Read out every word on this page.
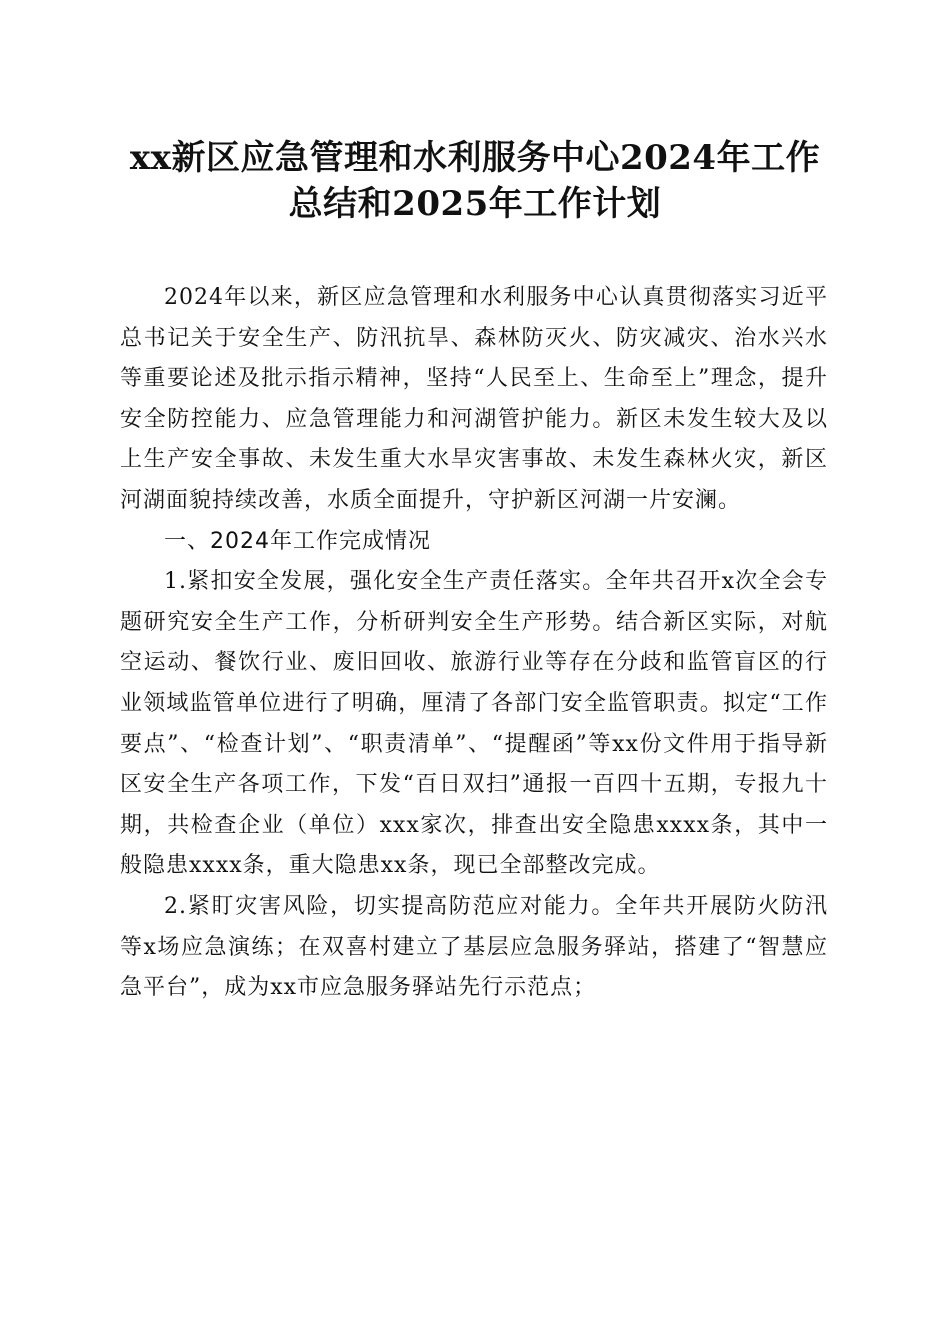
xx新区应急管理和水利服务中心2024年工作
总结和2025年工作计划

2024年以来，新区应急管理和水利服务中心认真贯彻落实习近平总书记关于安全生产、防汛抗旱、森林防灭火、防灾减灾、治水兴水等重要论述及批示指示精神，坚持“人民至上、生命至上”理念，提升安全防控能力、应急管理能力和河湖管护能力。新区未发生较大及以上生产安全事故、未发生重大水旱灾害事故、未发生森林火灾，新区河湖面貌持续改善，水质全面提升，守护新区河湖一片安澜。

一、2024年工作完成情况

1.紧扣安全发展，强化安全生产责任落实。全年共召开x次全会专题研究安全生产工作，分析研判安全生产形势。结合新区实际，对航空运动、餐饮行业、废旧回收、旅游行业等存在分歧和监管盲区的行业领域监管单位进行了明确，厘清了各部门安全监管职责。拟定“工作要点”、“检查计划”、“职责清单”、“提醒函”等xx份文件用于指导新区安全生产各项工作，下发“百日双扫”通报一百四十五期，专报九十期，共检查企业（单位）xxx家次，排查出安全隐患xxxx条，其中一般隐患xxxx条，重大隐患xx条，现已全部整改完成。

2.紧盯灾害风险，切实提高防范应对能力。全年共开展防火防汛等x场应急演练；在双喜村建立了基层应急服务驿站，搭建了“智慧应急平台”，成为xx市应急服务驿站先行示范点；
